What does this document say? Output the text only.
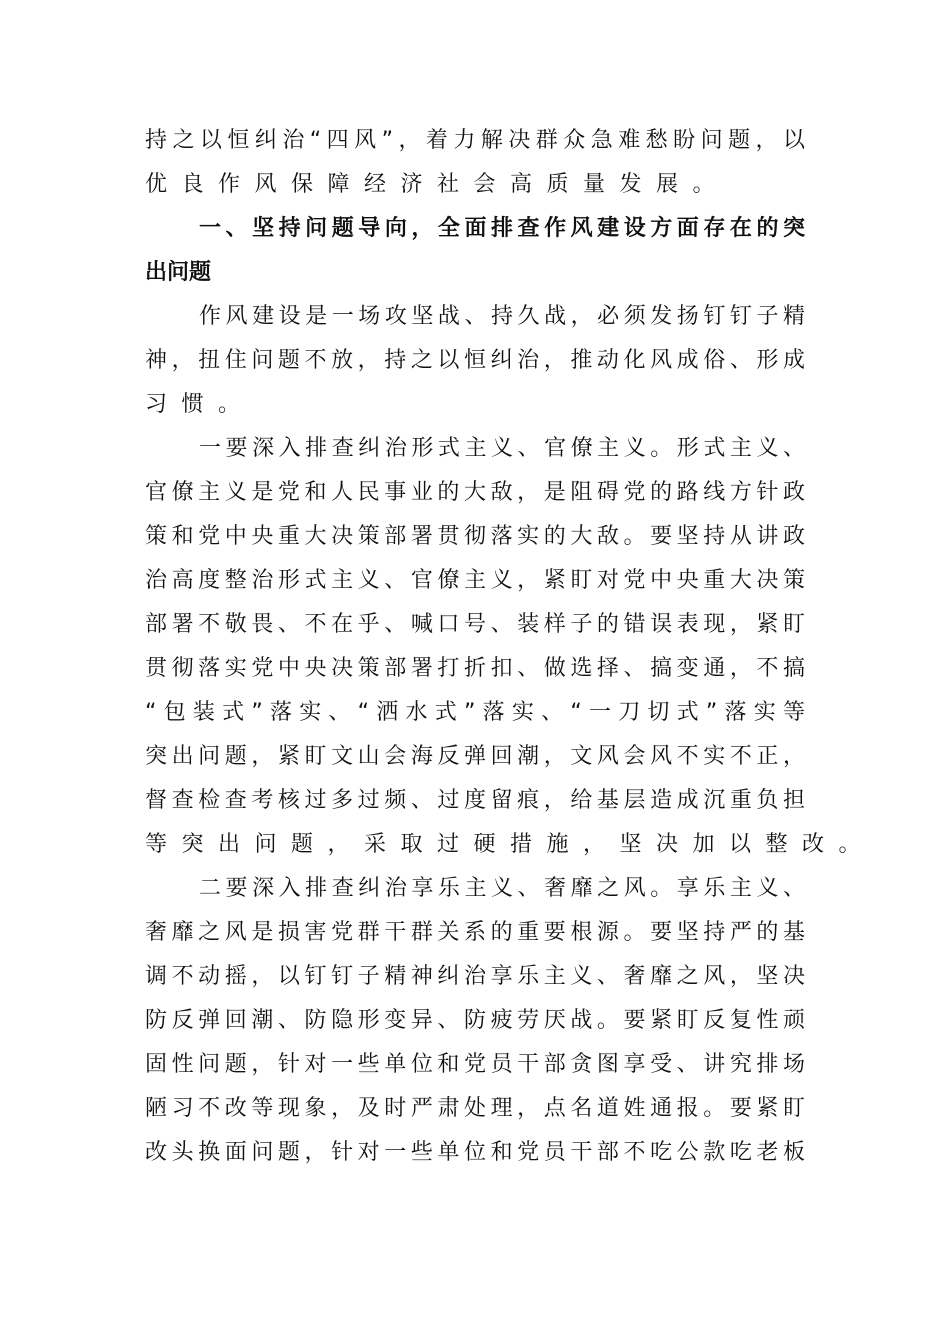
持之以恒纠治“四风”，着力解决群众急难愁盼问题，以
优良作风保障经济社会高质量发展。

一、坚持问题导向，全面排查作风建设方面存在的突
出问题
作风建设是一场攻坚战、持久战，必须发扬钉钉子精
神，扭住问题不放，持之以恒纠治，推动化风成俗、形成
习惯。
一要深入排查纠治形式主义、官僚主义。形式主义、
官僚主义是党和人民事业的大敌，是阻碍党的路线方针政
策和党中央重大决策部署贯彻落实的大敌。要坚持从讲政
治高度整治形式主义、官僚主义，紧盯对党中央重大决策
部署不敬畏、不在乎、喊口号、装样子的错误表现，紧盯
贯彻落实党中央决策部署打折扣、做选择、搞变通，不搞
“包装式”落实、“洒水式”落实、“一刀切式”落实等
突出问题，紧盯文山会海反弹回潮，文风会风不实不正，
督查检查考核过多过频、过度留痕，给基层造成沉重负担
等突出问题，采取过硬措施，坚决加以整改。
二要深入排查纠治享乐主义、奢靡之风。享乐主义、
奢靡之风是损害党群干群关系的重要根源。要坚持严的基
调不动摇，以钉钉子精神纠治享乐主义、奢靡之风，坚决
防反弹回潮、防隐形变异、防疲劳厌战。要紧盯反复性顽
固性问题，针对一些单位和党员干部贪图享受、讲究排场
陋习不改等现象，及时严肃处理，点名道姓通报。要紧盯
改头换面问题，针对一些单位和党员干部不吃公款吃老板
